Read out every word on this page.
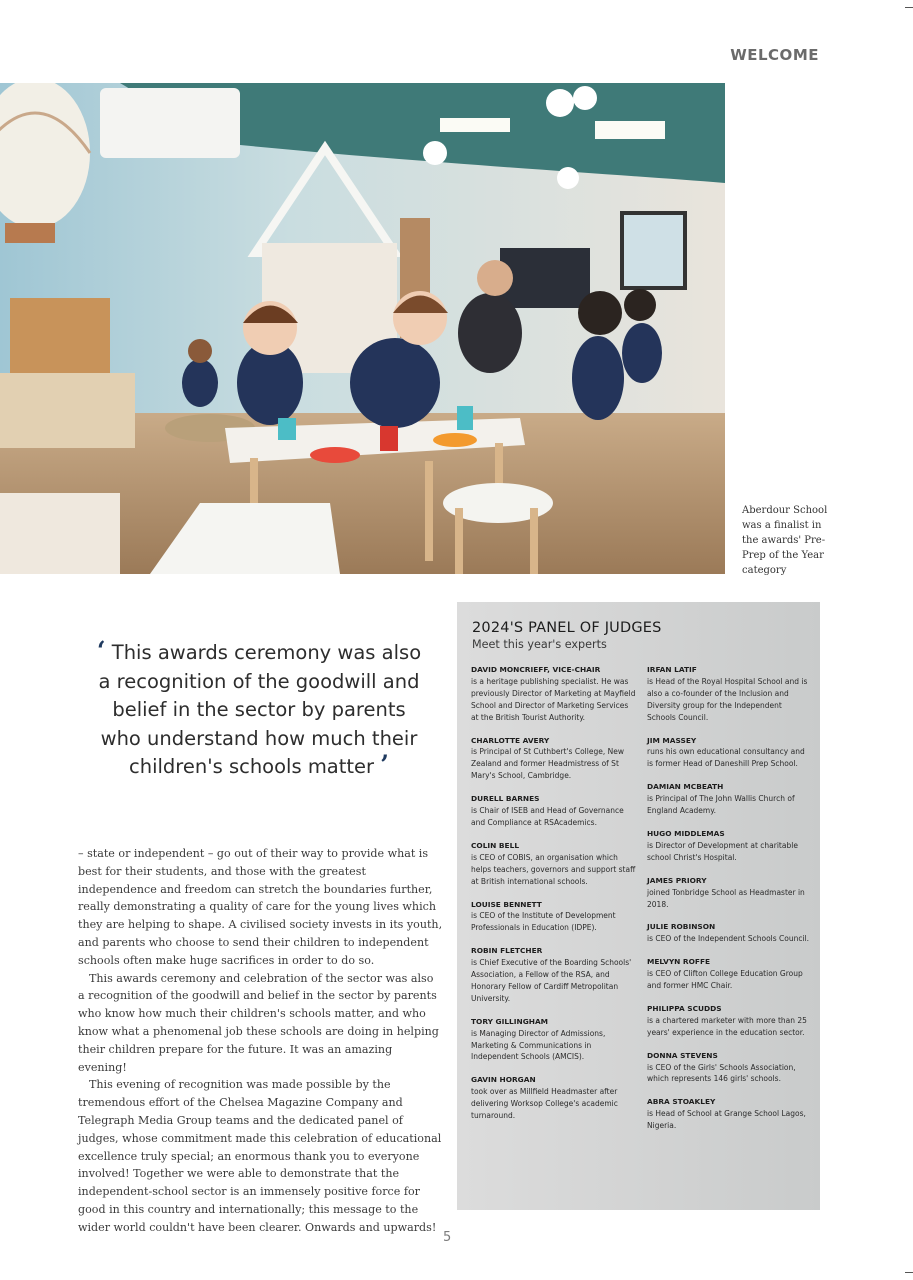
WELCOME
Aberdour School was a finalist in the awards' Pre-Prep of the Year category
‘ This awards ceremony was also a recognition of the goodwill and belief in the sector by parents who understand how much their children's schools matter ’

– state or independent – go out of their way to provide what is best for their students, and those with the greatest independence and freedom can stretch the boundaries further, really demonstrating a quality of care for the young lives which they are helping to shape. A civilised society invests in its youth, and parents who choose to send their children to independent schools often make huge sacrifices in order to do so.

This awards ceremony and celebration of the sector was also a recognition of the goodwill and belief in the sector by parents who know how much their children's schools matter, and who know what a phenomenal job these schools are doing in helping their children prepare for the future. It was an amazing evening!

This evening of recognition was made possible by the tremendous effort of the Chelsea Magazine Company and Telegraph Media Group teams and the dedicated panel of judges, whose commitment made this celebration of educational excellence truly special; an enormous thank you to everyone involved! Together we were able to demonstrate that the independent-school sector is an immensely positive force for good in this country and internationally; this message to the wider world couldn't have been clearer. Onwards and upwards!

2024'S PANEL OF JUDGES
Meet this year's experts
DAVID MONCRIEFF, VICE-CHAIR
is a heritage publishing specialist. He was previously Director of Marketing at Mayfield School and Director of Marketing Services at the British Tourist Authority.
CHARLOTTE AVERY
is Principal of St Cuthbert's College, New Zealand and former Headmistress of St Mary's School, Cambridge.
DURELL BARNES
is Chair of ISEB and Head of Governance and Compliance at RSAcademics.
COLIN BELL
is CEO of COBIS, an organisation which helps teachers, governors and support staff at British international schools.
LOUISE BENNETT
is CEO of the Institute of Development Professionals in Education (IDPE).
ROBIN FLETCHER
is Chief Executive of the Boarding Schools' Association, a Fellow of the RSA, and Honorary Fellow of Cardiff Metropolitan University.
TORY GILLINGHAM
is Managing Director of Admissions, Marketing & Communications in Independent Schools (AMCIS).
GAVIN HORGAN
took over as Millfield Headmaster after delivering Worksop College's academic turnaround.
IRFAN LATIF
is Head of the Royal Hospital School and is also a co-founder of the Inclusion and Diversity group for the Independent Schools Council.
JIM MASSEY
runs his own educational consultancy and is former Head of Daneshill Prep School.
DAMIAN MCBEATH
is Principal of The John Wallis Church of England Academy.
HUGO MIDDLEMAS
is Director of Development at charitable school Christ's Hospital.
JAMES PRIORY
joined Tonbridge School as Headmaster in 2018.
JULIE ROBINSON
is CEO of the Independent Schools Council.
MELVYN ROFFE
is CEO of Clifton College Education Group and former HMC Chair.
PHILIPPA SCUDDS
is a chartered marketer with more than 25 years' experience in the education sector.
DONNA STEVENS
is CEO of the Girls' Schools Association, which represents 146 girls' schools.
ABRA STOAKLEY
is Head of School at Grange School Lagos, Nigeria.
5
